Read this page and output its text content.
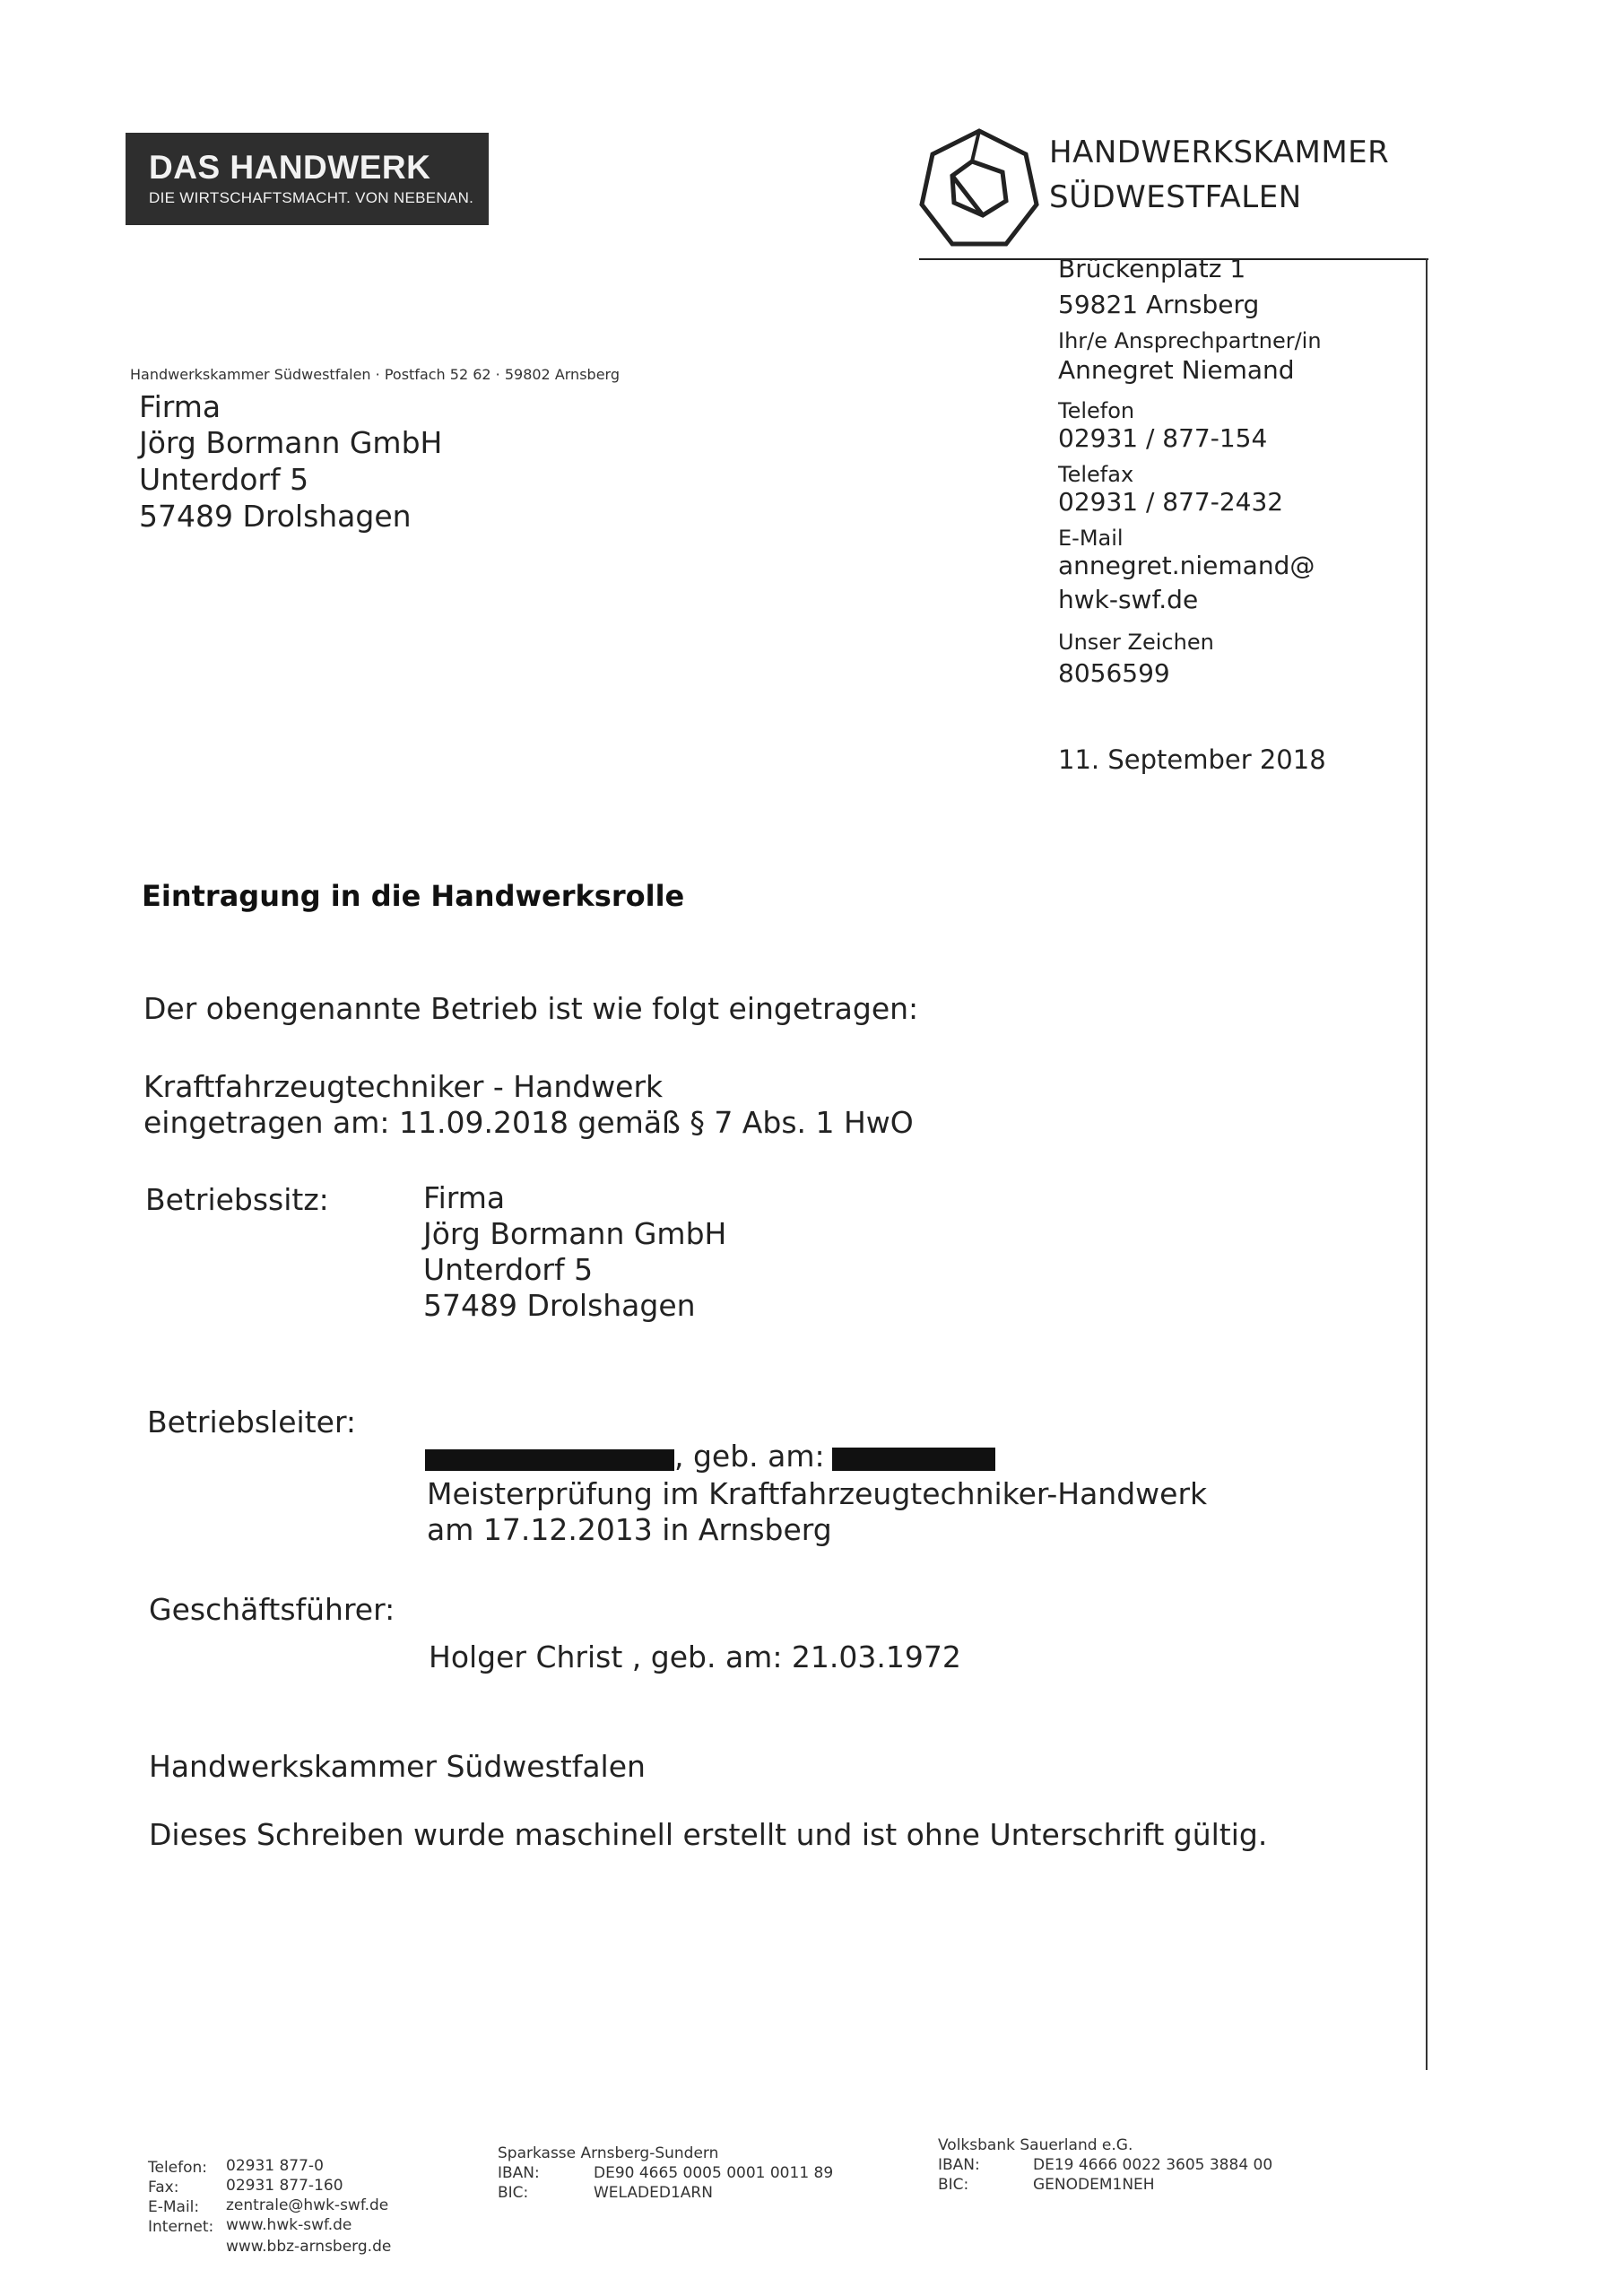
DAS HANDWERK
DIE WIRTSCHAFTSMACHT. VON NEBENAN.
HANDWERKSKAMMER
SÜDWESTFALEN
Brückenplatz 1
59821 Arnsberg
Ihr/e Ansprechpartner/in
Annegret Niemand
Telefon
02931 / 877-154
Telefax
02931 / 877-2432
E-Mail
annegret.niemand@
hwk-swf.de
Unser Zeichen
8056599
Handwerkskammer Südwestfalen · Postfach 52 62 · 59802 Arnsberg
Firma
Jörg Bormann GmbH
Unterdorf 5
57489 Drolshagen
11. September 2018
Eintragung in die Handwerksrolle
Der obengenannte Betrieb ist wie folgt eingetragen:
Kraftfahrzeugtechniker - Handwerk
eingetragen am: 11.09.2018 gemäß § 7 Abs. 1 HwO
Betriebssitz:	Firma
Jörg Bormann GmbH
Unterdorf 5
57489 Drolshagen
Betriebsleiter:
, geb. am:
Meisterprüfung im Kraftfahrzeugtechniker-Handwerk
am 17.12.2013 in Arnsberg
Geschäftsführer:
Holger Christ , geb. am: 21.03.1972
Handwerkskammer Südwestfalen
Dieses Schreiben wurde maschinell erstellt und ist ohne Unterschrift gültig.
Telefon: 02931 877-0
Fax:	02931 877-160
E-Mail: zentrale@hwk-swf.de
Internet: www.hwk-swf.de
www.bbz-arnsberg.de
Sparkasse Arnsberg-Sundern
IBAN:	DE90 4665 0005 0001 0011 89
BIC:	WELADED1ARN
Volksbank Sauerland e.G.
IBAN:	DE19 4666 0022 3605 3884 00
BIC:	GENODEM1NEH
